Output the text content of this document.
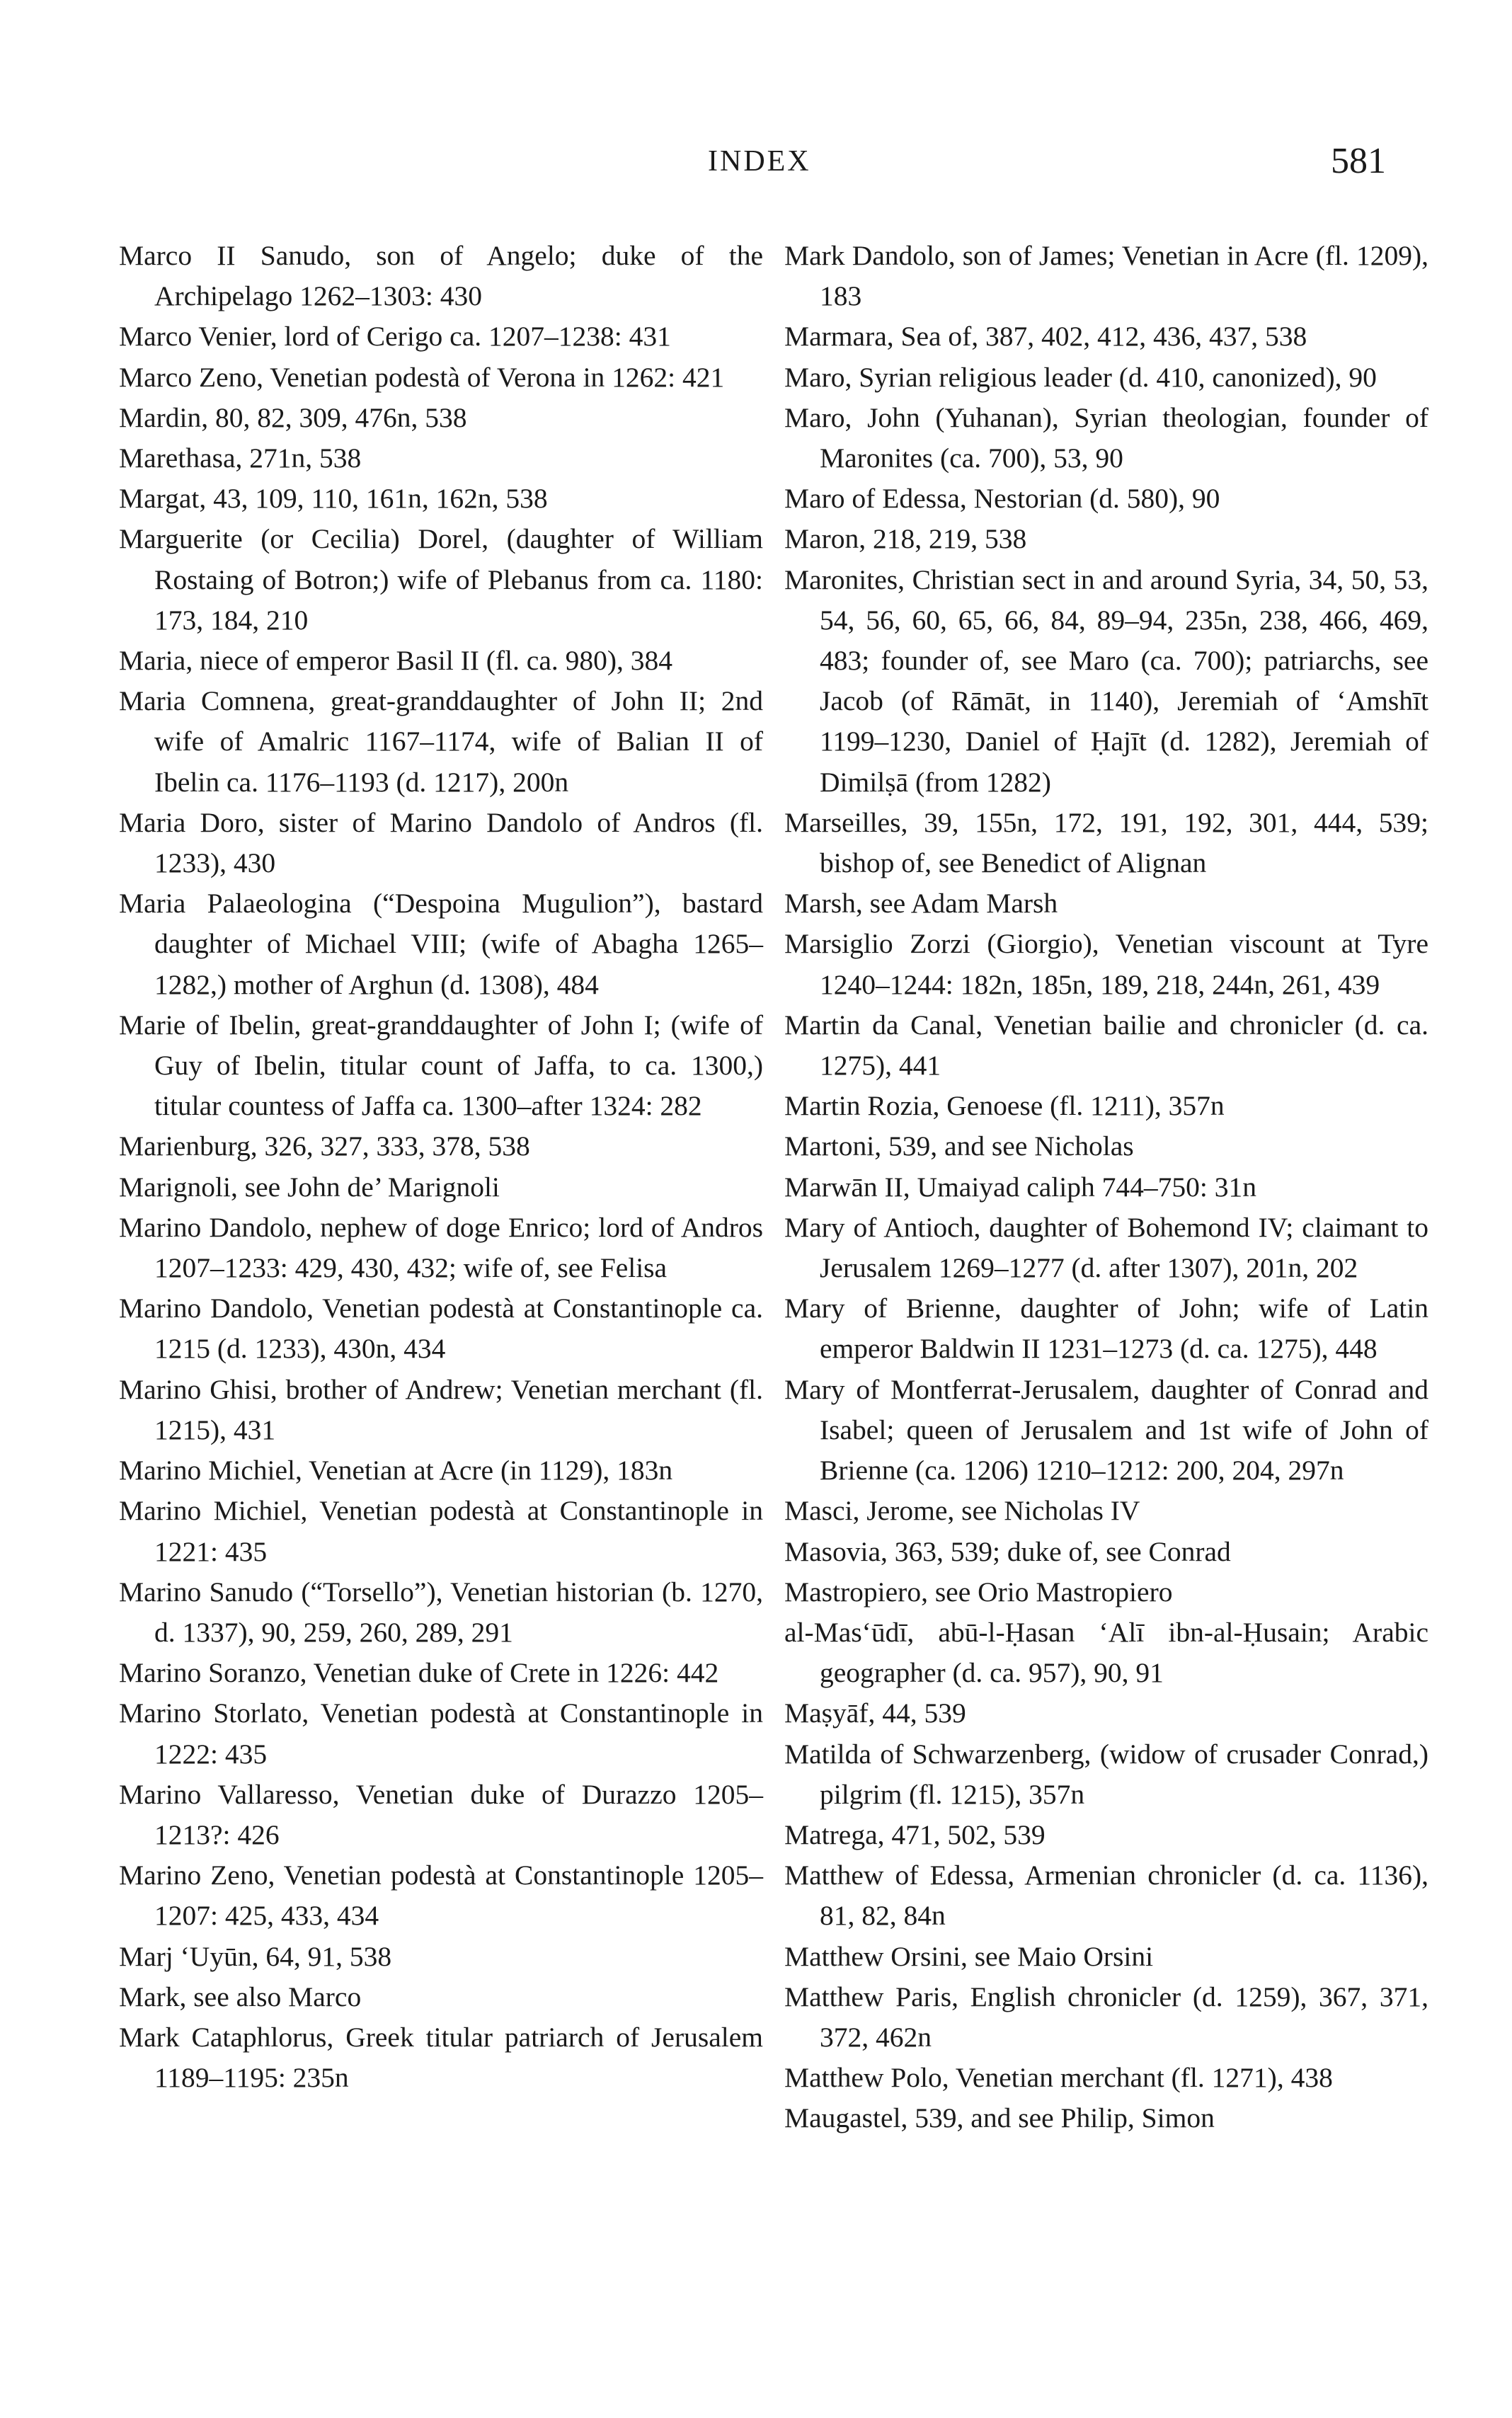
INDEX	581

Marco II Sanudo, son of Angelo; duke of the Archipelago 1262–1303: 430

Marco Venier, lord of Cerigo ca. 1207–1238: 431

Marco Zeno, Venetian podestà of Verona in 1262: 421

Mardin, 80, 82, 309, 476n, 538

Marethasa, 271n, 538

Margat, 43, 109, 110, 161n, 162n, 538

Marguerite (or Cecilia) Dorel, (daughter of William Rostaing of Botron;) wife of Plebanus from ca. 1180: 173, 184, 210

Maria, niece of emperor Basil II (fl. ca. 980), 384

Maria Comnena, great-granddaughter of John II; 2nd wife of Amalric 1167–1174, wife of Balian II of Ibelin ca. 1176–1193 (d. 1217), 200n

Maria Doro, sister of Marino Dandolo of Andros (fl. 1233), 430

Maria Palaeologina (“Despoina Mugulion”), bastard daughter of Michael VIII; (wife of Abagha 1265–1282,) mother of Arghun (d. 1308), 484

Marie of Ibelin, great-granddaughter of John I; (wife of Guy of Ibelin, titular count of Jaffa, to ca. 1300,) titular countess of Jaffa ca. 1300–after 1324: 282

Marienburg, 326, 327, 333, 378, 538

Marignoli, see John de’ Marignoli

Marino Dandolo, nephew of doge Enrico; lord of Andros 1207–1233: 429, 430, 432; wife of, see Felisa

Marino Dandolo, Venetian podestà at Constantinople ca. 1215 (d. 1233), 430n, 434

Marino Ghisi, brother of Andrew; Venetian merchant (fl. 1215), 431

Marino Michiel, Venetian at Acre (in 1129), 183n

Marino Michiel, Venetian podestà at Constantinople in 1221: 435

Marino Sanudo (“Torsello”), Venetian historian (b. 1270, d. 1337), 90, 259, 260, 289, 291

Marino Soranzo, Venetian duke of Crete in 1226: 442

Marino Storlato, Venetian podestà at Constantinople in 1222: 435

Marino Vallaresso, Venetian duke of Durazzo 1205–1213?: 426

Marino Zeno, Venetian podestà at Constantinople 1205–1207: 425, 433, 434

Marj ‘Uyūn, 64, 91, 538

Mark, see also Marco

Mark Cataphlorus, Greek titular patriarch of Jerusalem 1189–1195: 235n

Mark Dandolo, son of James; Venetian in Acre (fl. 1209), 183

Marmara, Sea of, 387, 402, 412, 436, 437, 538

Maro, Syrian religious leader (d. 410, canonized), 90

Maro, John (Yuhanan), Syrian theologian, founder of Maronites (ca. 700), 53, 90

Maro of Edessa, Nestorian (d. 580), 90

Maron, 218, 219, 538

Maronites, Christian sect in and around Syria, 34, 50, 53, 54, 56, 60, 65, 66, 84, 89–94, 235n, 238, 466, 469, 483; founder of, see Maro (ca. 700); patriarchs, see Jacob (of Rāmāt, in 1140), Jeremiah of ‘Amshīt 1199–1230, Daniel of Ḥajīt (d. 1282), Jeremiah of Dimilṣā (from 1282)

Marseilles, 39, 155n, 172, 191, 192, 301, 444, 539; bishop of, see Benedict of Alignan

Marsh, see Adam Marsh

Marsiglio Zorzi (Giorgio), Venetian viscount at Tyre 1240–1244: 182n, 185n, 189, 218, 244n, 261, 439

Martin da Canal, Venetian bailie and chronicler (d. ca. 1275), 441

Martin Rozia, Genoese (fl. 1211), 357n

Martoni, 539, and see Nicholas

Marwān II, Umaiyad caliph 744–750: 31n

Mary of Antioch, daughter of Bohemond IV; claimant to Jerusalem 1269–1277 (d. after 1307), 201n, 202

Mary of Brienne, daughter of John; wife of Latin emperor Baldwin II 1231–1273 (d. ca. 1275), 448

Mary of Montferrat-Jerusalem, daughter of Conrad and Isabel; queen of Jerusalem and 1st wife of John of Brienne (ca. 1206) 1210–1212: 200, 204, 297n

Masci, Jerome, see Nicholas IV

Masovia, 363, 539; duke of, see Conrad

Mastropiero, see Orio Mastropiero

al-Mas‘ūdī, abū-l-Ḥasan ‘Alī ibn-al-Ḥusain; Arabic geographer (d. ca. 957), 90, 91

Maṣyāf, 44, 539

Matilda of Schwarzenberg, (widow of crusader Conrad,) pilgrim (fl. 1215), 357n

Matrega, 471, 502, 539

Matthew of Edessa, Armenian chronicler (d. ca. 1136), 81, 82, 84n

Matthew Orsini, see Maio Orsini

Matthew Paris, English chronicler (d. 1259), 367, 371, 372, 462n

Matthew Polo, Venetian merchant (fl. 1271), 438

Maugastel, 539, and see Philip, Simon
